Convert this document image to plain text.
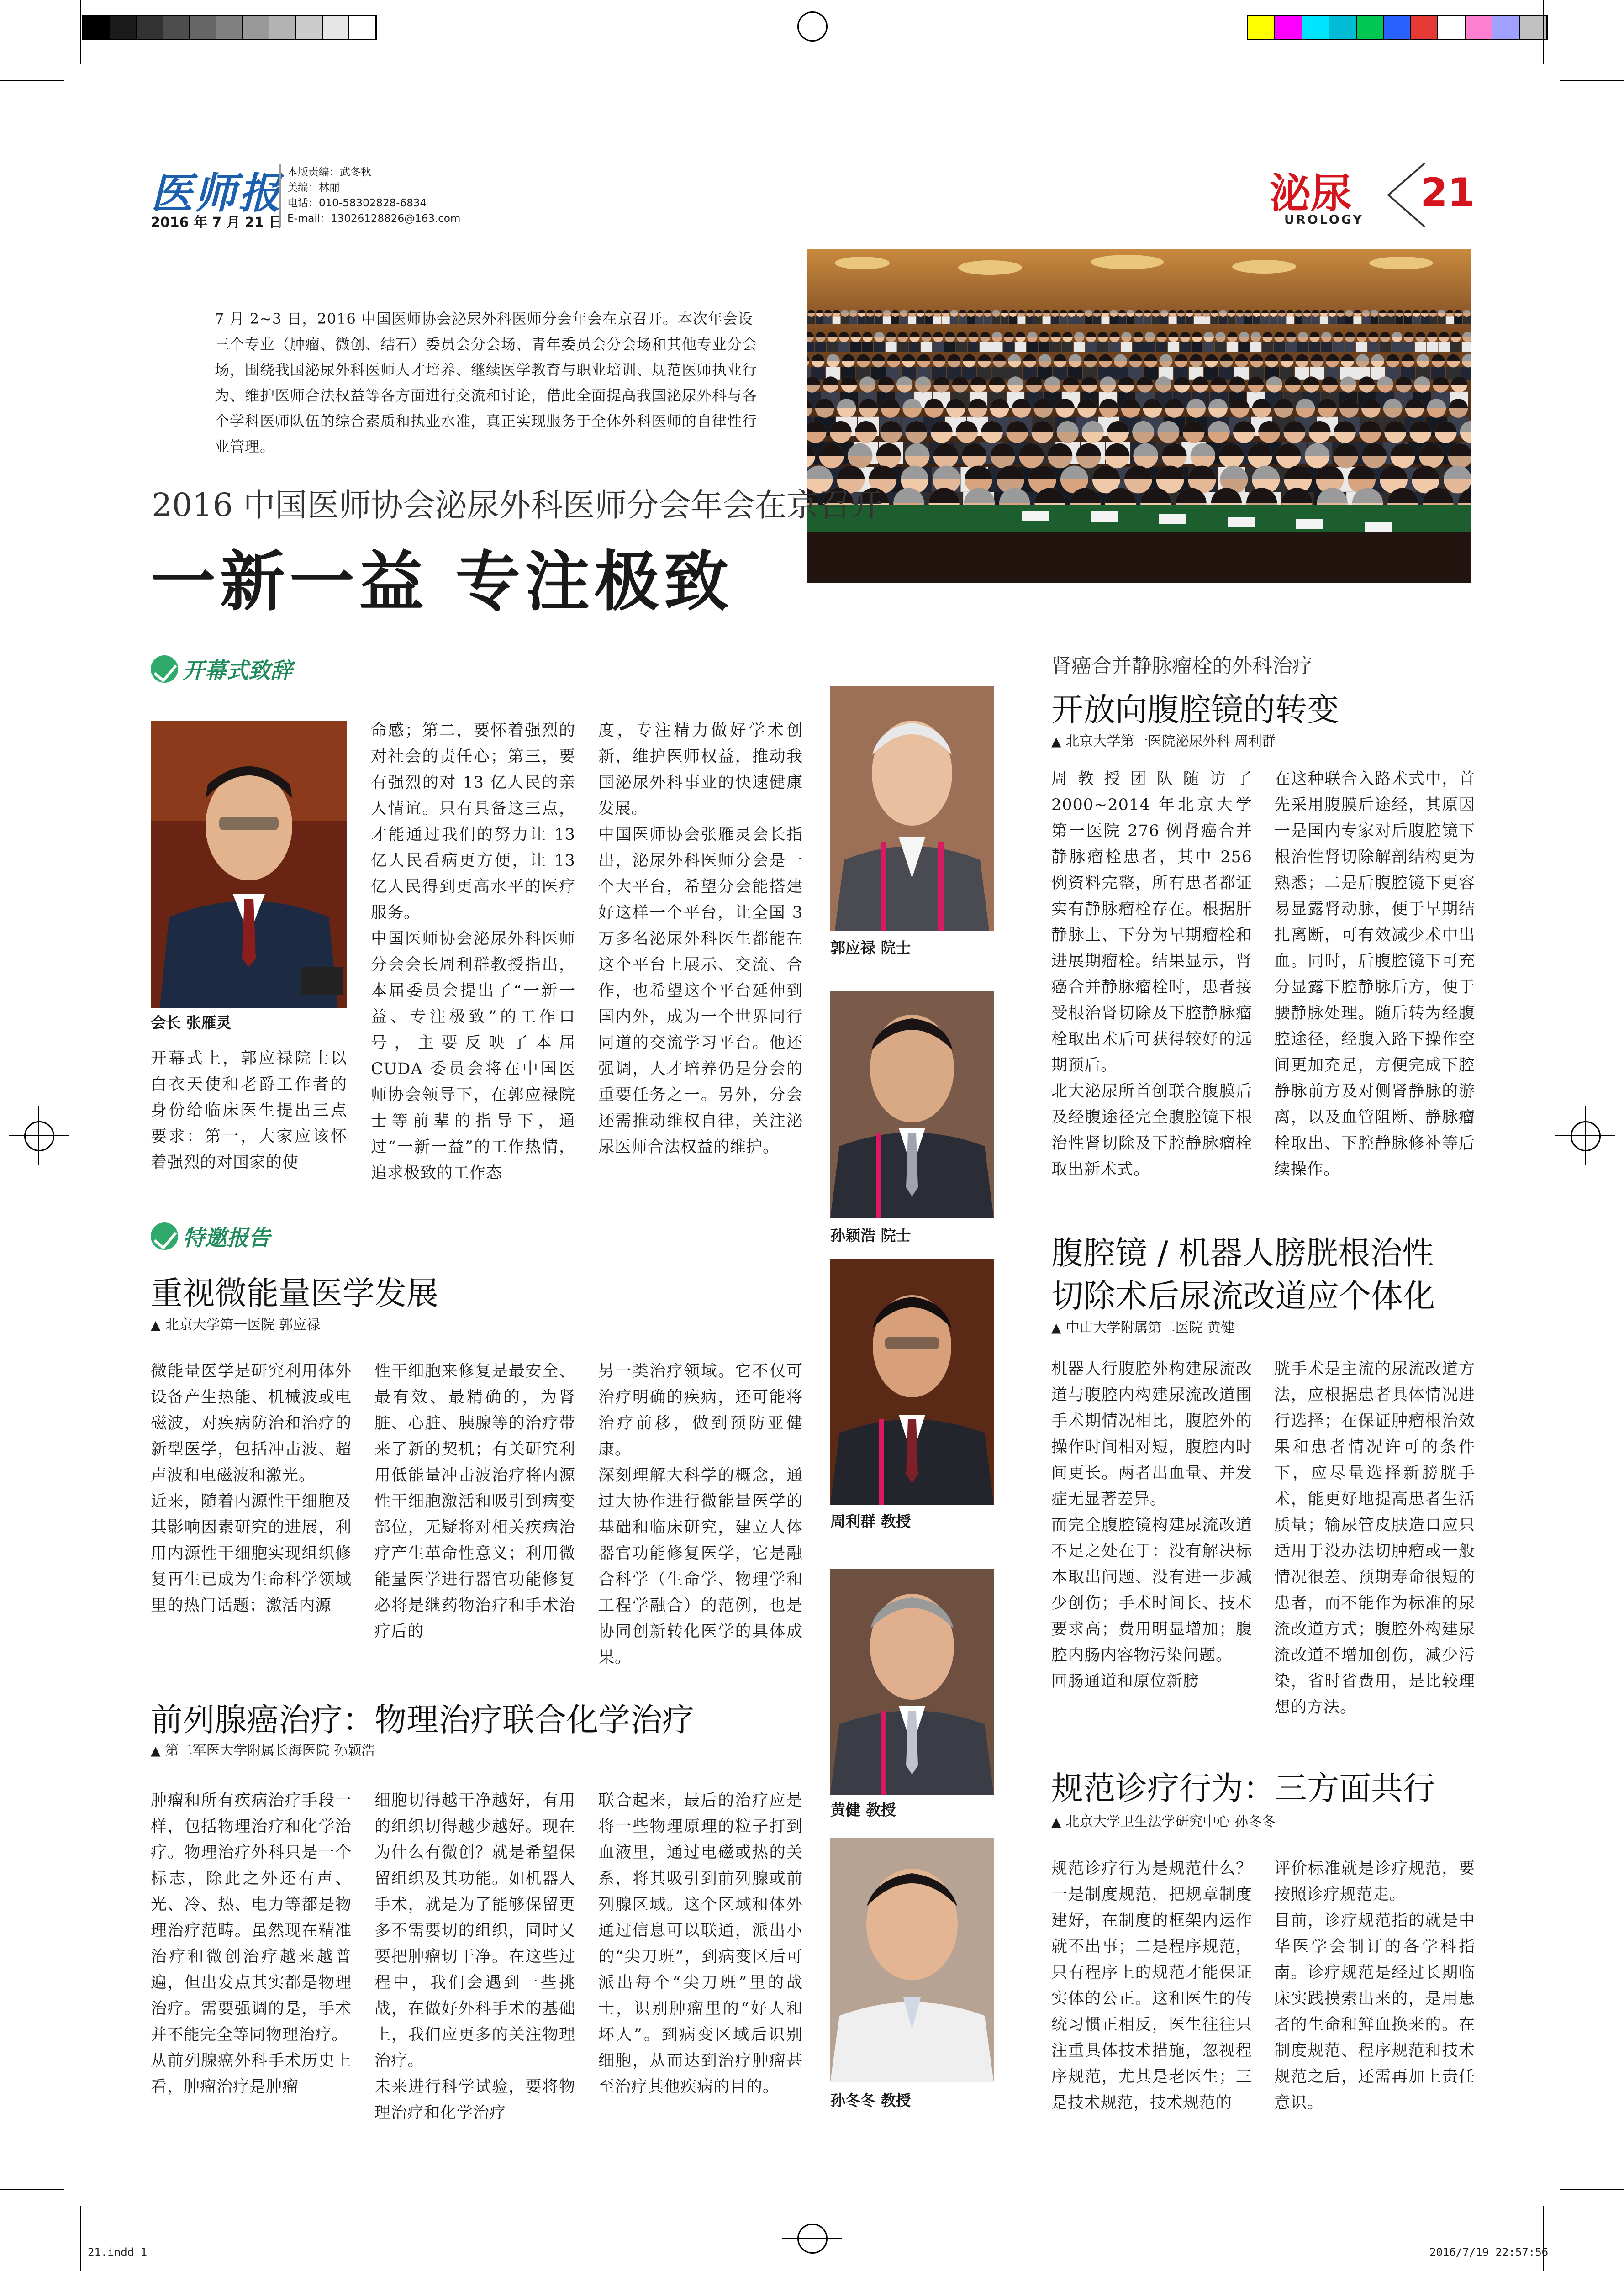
医师报
2016 年 7 月 21 日
本版责编：武冬秋
美编：林丽
电话：010-58302828-6834
E-mail：13026128826@163.com
泌尿
UROLOGY
21
7 月 2~3 日，2016 中国医师协会泌尿外科医师分会年会在京召开。本次年会设三个专业（肿瘤、微创、结石）委员会分会场、青年委员会分会场和其他专业分会场，围绕我国泌尿外科医师人才培养、继续医学教育与职业培训、规范医师执业行为、维护医师合法权益等各方面进行交流和讨论，借此全面提高我国泌尿外科与各个学科医师队伍的综合素质和执业水准，真正实现服务于全体外科医师的自律性行业管理。
2016 中国医师协会泌尿外科医师分会年会在京召开
一新一益 专注极致
开幕式致辞
会长 张雁灵
开幕式上，郭应禄院士以白衣天使和老爵工作者的身份给临床医生提出三点要求：第一，大家应该怀着强烈的对国家的使
命感；第二，要怀着强烈的对社会的责任心；第三，要有强烈的对 13 亿人民的亲人情谊。只有具备这三点，才能通过我们的努力让 13 亿人民看病更方便，让 13 亿人民得到更高水平的医疗服务。
中国医师协会泌尿外科医师分会会长周利群教授指出，本届委员会提出了“一新一益、专注极致”的工作口号，主要反映了本届 CUDA 委员会将在中国医师协会领导下，在郭应禄院士等前辈的指导下，通过“一新一益”的工作热情，追求极致的工作态
度，专注精力做好学术创新，维护医师权益，推动我国泌尿外科事业的快速健康发展。
中国医师协会张雁灵会长指出，泌尿外科医师分会是一个大平台，希望分会能搭建好这样一个平台，让全国 3 万多名泌尿外科医生都能在这个平台上展示、交流、合作，也希望这个平台延伸到国内外，成为一个世界同行同道的交流学习平台。他还强调，人才培养仍是分会的重要任务之一。另外，分会还需推动维权自律，关注泌尿医师合法权益的维护。
特邀报告
重视微能量医学发展
▲ 北京大学第一医院 郭应禄
微能量医学是研究利用体外设备产生热能、机械波或电磁波，对疾病防治和治疗的新型医学，包括冲击波、超声波和电磁波和激光。
近来，随着内源性干细胞及其影响因素研究的进展，利用内源性干细胞实现组织修复再生已成为生命科学领域里的热门话题；激活内源
性干细胞来修复是最安全、最有效、最精确的，为肾脏、心脏、胰腺等的治疗带来了新的契机；有关研究利用低能量冲击波治疗将内源性干细胞激活和吸引到病变部位，无疑将对相关疾病治疗产生革命性意义；利用微能量医学进行器官功能修复必将是继药物治疗和手术治疗后的
另一类治疗领域。它不仅可治疗明确的疾病，还可能将治疗前移，做到预防亚健康。
深刻理解大科学的概念，通过大协作进行微能量医学的基础和临床研究，建立人体器官功能修复医学，它是融合科学（生命学、物理学和工程学融合）的范例，也是协同创新转化医学的具体成果。
前列腺癌治疗：物理治疗联合化学治疗
▲ 第二军医大学附属长海医院 孙颖浩
肿瘤和所有疾病治疗手段一样，包括物理治疗和化学治疗。物理治疗外科只是一个标志，除此之外还有声、光、冷、热、电力等都是物理治疗范畴。虽然现在精准治疗和微创治疗越来越普遍，但出发点其实都是物理治疗。需要强调的是，手术并不能完全等同物理治疗。
从前列腺癌外科手术历史上看，肿瘤治疗是肿瘤
细胞切得越干净越好，有用的组织切得越少越好。现在为什么有微创？就是希望保留组织及其功能。如机器人手术，就是为了能够保留更多不需要切的组织，同时又要把肿瘤切干净。在这些过程中，我们会遇到一些挑战，在做好外科手术的基础上，我们应更多的关注物理治疗。
未来进行科学试验，要将物理治疗和化学治疗
联合起来，最后的治疗应是将一些物理原理的粒子打到血液里，通过电磁或热的关系，将其吸引到前列腺或前列腺区域。这个区域和体外通过信息可以联通，派出小的“尖刀班”，到病变区后可派出每个“尖刀班”里的战士，识别肿瘤里的“好人和坏人”。到病变区域后识别细胞，从而达到治疗肿瘤甚至治疗其他疾病的目的。
郭应禄 院士
孙颖浩 院士
周利群 教授
黄健 教授
孙冬冬 教授
肾癌合并静脉瘤栓的外科治疗
开放向腹腔镜的转变
▲ 北京大学第一医院泌尿外科 周利群
周教授团队随访了 2000~2014 年北京大学第一医院 276 例肾癌合并静脉瘤栓患者，其中 256 例资料完整，所有患者都证实有静脉瘤栓存在。根据肝静脉上、下分为早期瘤栓和进展期瘤栓。结果显示，肾癌合并静脉瘤栓时，患者接受根治肾切除及下腔静脉瘤栓取出术后可获得较好的远期预后。
北大泌尿所首创联合腹膜后及经腹途径完全腹腔镜下根治性肾切除及下腔静脉瘤栓取出新术式。
在这种联合入路术式中，首先采用腹膜后途经，其原因一是国内专家对后腹腔镜下根治性肾切除解剖结构更为熟悉；二是后腹腔镜下更容易显露肾动脉，便于早期结扎离断，可有效减少术中出血。同时，后腹腔镜下可充分显露下腔静脉后方，便于腰静脉处理。随后转为经腹腔途径，经腹入路下操作空间更加充足，方便完成下腔静脉前方及对侧肾静脉的游离，以及血管阻断、静脉瘤栓取出、下腔静脉修补等后续操作。
腹腔镜 / 机器人膀胱根治性
切除术后尿流改道应个体化
▲ 中山大学附属第二医院 黄健
机器人行腹腔外构建尿流改道与腹腔内构建尿流改道围手术期情况相比，腹腔外的操作时间相对短，腹腔内时间更长。两者出血量、并发症无显著差异。
而完全腹腔镜构建尿流改道不足之处在于：没有解决标本取出问题、没有进一步减少创伤；手术时间长、技术要求高；费用明显增加；腹腔内肠内容物污染问题。
回肠通道和原位新膀
胱手术是主流的尿流改道方法，应根据患者具体情况进行选择；在保证肿瘤根治效果和患者情况许可的条件下，应尽量选择新膀胱手术，能更好地提高患者生活质量；输尿管皮肤造口应只适用于没办法切肿瘤或一般情况很差、预期寿命很短的患者，而不能作为标准的尿流改道方式；腹腔外构建尿流改道不增加创伤，减少污染，省时省费用，是比较理想的方法。
规范诊疗行为：三方面共行
▲ 北京大学卫生法学研究中心 孙冬冬
规范诊疗行为是规范什么？一是制度规范，把规章制度建好，在制度的框架内运作就不出事；二是程序规范，只有程序上的规范才能保证实体的公正。这和医生的传统习惯正相反，医生往往只注重具体技术措施，忽视程序规范，尤其是老医生；三是技术规范，技术规范的
评价标准就是诊疗规范，要按照诊疗规范走。
目前，诊疗规范指的就是中华医学会制订的各学科指南。诊疗规范是经过长期临床实践摸索出来的，是用患者的生命和鲜血换来的。在制度规范、程序规范和技术规范之后，还需再加上责任意识。
21.indd 1	2016/7/19 22:57:56
